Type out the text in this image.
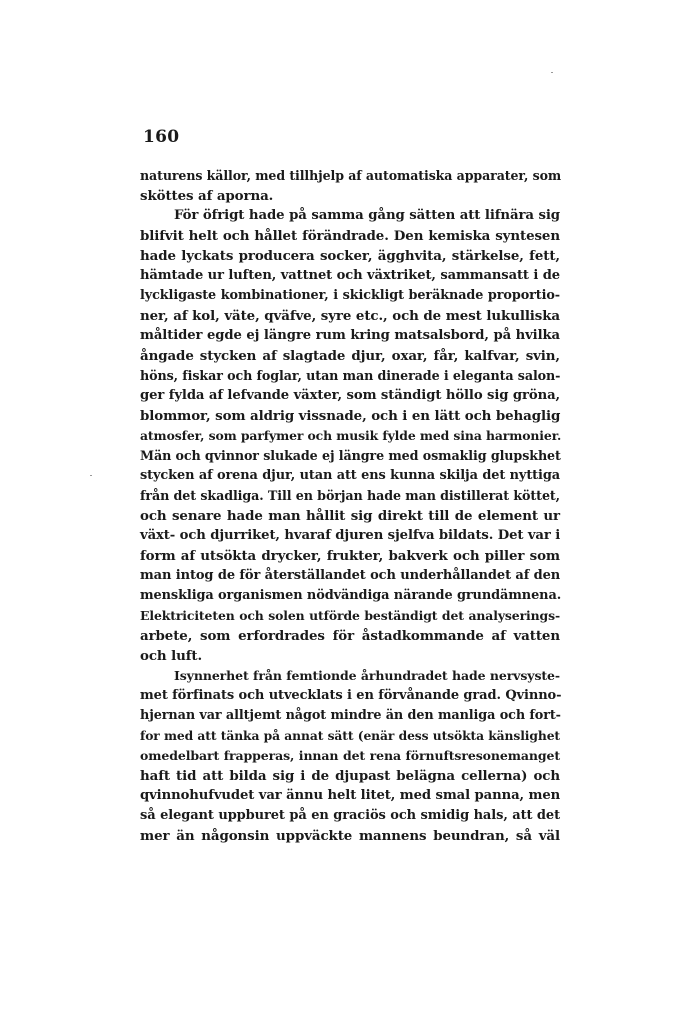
160
naturens källor, med tillhjelp af automatiska apparater, som
sköttes af aporna.
För öfrigt hade på samma gång sätten att lifnära sig
blifvit helt och hållet förändrade. Den kemiska syntesen
hade lyckats producera socker, ägghvita, stärkelse, fett,
hämtade ur luften, vattnet och växtriket, sammansatt i de
lyckligaste kombinationer, i skickligt beräknade proportio-
ner, af kol, väte, qväfve, syre etc., och de mest lukulliska
måltider egde ej längre rum kring matsalsbord, på hvilka
ångade stycken af slagtade djur, oxar, får, kalfvar, svin,
höns, fiskar och foglar, utan man dinerade i eleganta salon-
ger fylda af lefvande växter, som ständigt höllo sig gröna,
blommor, som aldrig vissnade, och i en lätt och behaglig
atmosfer, som parfymer och musik fylde med sina harmonier.
Män och qvinnor slukade ej längre med osmaklig glupskhet
stycken af orena djur, utan att ens kunna skilja det nyttiga
från det skadliga. Till en början hade man distillerat köttet,
och senare hade man hållit sig direkt till de element ur
växt- och djurriket, hvaraf djuren sjelfva bildats. Det var i
form af utsökta drycker, frukter, bakverk och piller som
man intog de för återställandet och underhållandet af den
menskliga organismen nödvändiga närande grundämnena.
Elektriciteten och solen utförde beständigt det analyserings-
arbete, som erfordrades för åstadkommande af vatten
och luft.
Isynnerhet från femtionde århundradet hade nervsyste-
met förfinats och utvecklats i en förvånande grad. Qvinno-
hjernan var alltjemt något mindre än den manliga och fort-
for med att tänka på annat sätt (enär dess utsökta känslighet
omedelbart frapperas, innan det rena förnuftsresonemanget
haft tid att bilda sig i de djupast belägna cellerna) och
qvinnohufvudet var ännu helt litet, med smal panna, men
så elegant uppburet på en graciös och smidig hals, att det
mer än någonsin uppväckte mannens beundran, så väl
